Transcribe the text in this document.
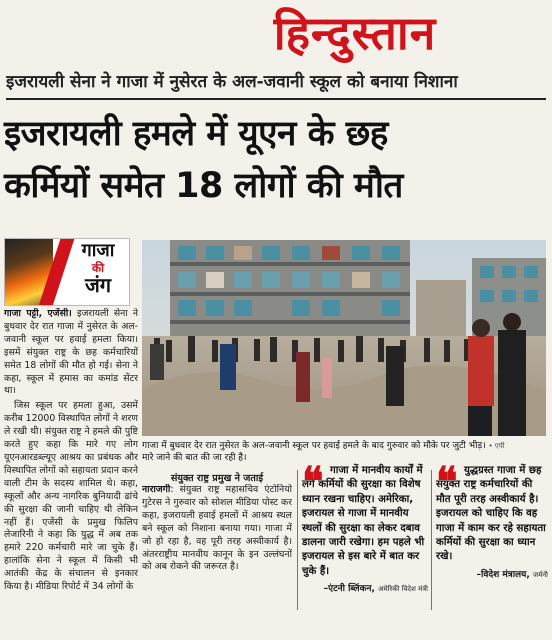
हिन्दुस्तान
इजरायली सेना ने गाजा में नुसेरत के अल-जवानी स्कूल को बनाया निशाना
इजरायली हमले में यूएन के छह
कर्मियों समेत 18 लोगों की मौत
गाजा
की
जंग

गाजा पट्टी, एजेंसी। इजरायली सेना ने बुधवार देर रात गाजा में नुसेरत के अल-जवानी स्कूल पर हवाई हमला किया। इसमें संयुक्त राष्ट्र के छह कर्मचारियों समेत 18 लोगों की मौत हो गई। सेना ने कहा, स्कूल में हमास का कमांड सेंटर था।

जिस स्कूल पर हमला हुआ, उसमें करीब 12000 विस्थापित लोगों ने शरण ले रखी थी। संयुक्त राष्ट्र ने हमले की पुष्टि करते हुए कहा कि मारे गए लोग यूएनआरडब्ल्यूए आश्रय का प्रबंधक और विस्थापित लोगों को सहायता प्रदान करने वाली टीम के सदस्य शामिल थे। कहा, स्कूलों और अन्य नागरिक बुनियादी ढांचे की सुरक्षा की जानी चाहिए थी लेकिन नहीं हैं। एजेंसी के प्रमुख फिलिप लेजारिनी ने कहा कि युद्ध में अब तक हमारे 220 कर्मचारी मारे जा चुके हैं। हालांकि सेना ने स्कूल में किसी भी आतंकी केंद्र के संचालन से इनकार किया है। मीडिया रिपोर्ट में 34 लोगों के

गाजा में बुधवार देर रात नुसेरत के अल-जवानी स्कूल पर हवाई हमले के बाद गुरुवार को मौके पर जुटी भीड़। • एपी
मारे जाने की बात की जा रही है।
संयुक्त राष्ट्र प्रमुख ने जताई
नाराजगी: संयुक्त राष्ट्र महासचिव एंटोनियो गुटेरस ने गुरुवार को सोशल मीडिया पोस्ट कर कहा, इजरायली हवाई हमलों में आश्रय स्थल बने स्कूल को निशाना बनाया गया। गाजा में जो हो रहा है, वह पूरी तरह अस्वीकार्य है। अंतरराष्ट्रीय मानवीय कानून के इन उल्लंघनों को अब रोकने की जरूरत है।
❝ गाजा में मानवीय कार्यों में लगे कर्मियों की सुरक्षा का विशेष ध्यान रखना चाहिए। अमेरिका, इजरायल से गाजा में मानवीय स्थलों की सुरक्षा का लेकर दबाव डालना जारी रखेगा। हम पहले भी इजरायल से इस बारे में बात कर चुके हैं।
–एंटनी ब्लिंकन, अमेरिकी विदेश मंत्री
❝ युद्धग्रस्त गाजा में छह संयुक्त राष्ट्र कर्मचारियों की मौत पूरी तरह अस्वीकार्य है। इजरायल को चाहिए कि वह गाजा में काम कर रहे सहायता कर्मियों की सुरक्षा का ध्यान रखे।
–विदेश मंत्रालय, जर्मनी
